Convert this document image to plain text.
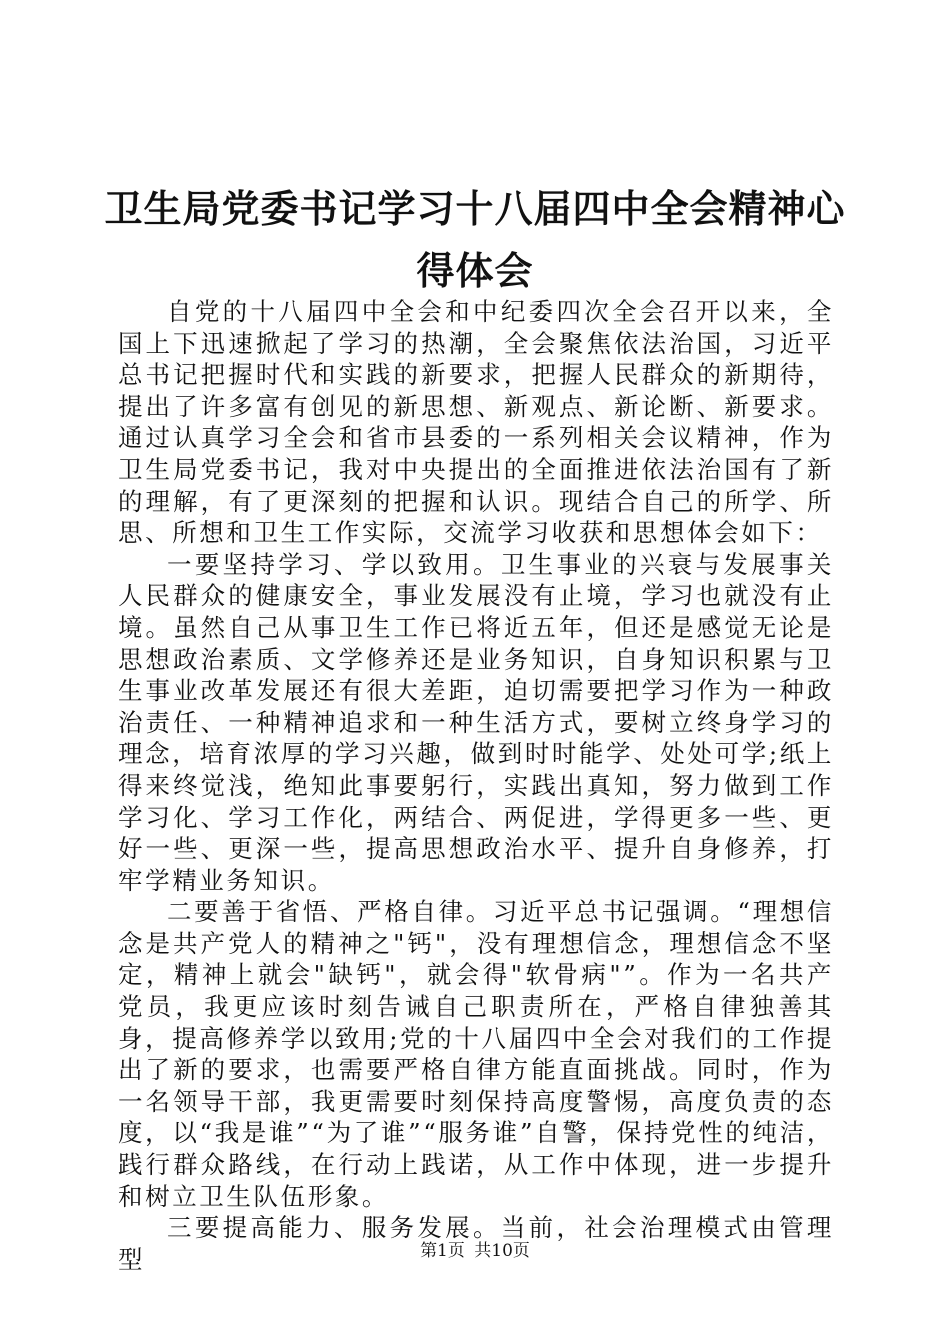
卫生局党委书记学习十八届四中全会精神心得体会

自党的十八届四中全会和中纪委四次全会召开以来，全国上下迅速掀起了学习的热潮，全会聚焦依法治国，习近平总书记把握时代和实践的新要求，把握人民群众的新期待，提出了许多富有创见的新思想、新观点、新论断、新要求。通过认真学习全会和省市县委的一系列相关会议精神，作为卫生局党委书记，我对中央提出的全面推进依法治国有了新的理解，有了更深刻的把握和认识。现结合自己的所学、所思、所想和卫生工作实际，交流学习收获和思想体会如下：

一要坚持学习、学以致用。卫生事业的兴衰与发展事关人民群众的健康安全，事业发展没有止境，学习也就没有止境。虽然自己从事卫生工作已将近五年，但还是感觉无论是思想政治素质、文学修养还是业务知识，自身知识积累与卫生事业改革发展还有很大差距，迫切需要把学习作为一种政治责任、一种精神追求和一种生活方式，要树立终身学习的理念，培育浓厚的学习兴趣，做到时时能学、处处可学;纸上得来终觉浅，绝知此事要躬行，实践出真知，努力做到工作学习化、学习工作化，两结合、两促进，学得更多一些、更好一些、更深一些，提高思想政治水平、提升自身修养，打牢学精业务知识。

二要善于省悟、严格自律。习近平总书记强调。“理想信念是共产党人的精神之"钙"，没有理想信念，理想信念不坚定，精神上就会"缺钙"，就会得"软骨病"”。作为一名共产党员，我更应该时刻告诫自己职责所在，严格自律独善其身，提高修养学以致用;党的十八届四中全会对我们的工作提出了新的要求，也需要严格自律方能直面挑战。同时，作为一名领导干部，我更需要时刻保持高度警惕，高度负责的态度，以“我是谁”“为了谁”“服务谁”自警，保持党性的纯洁，践行群众路线，在行动上践诺，从工作中体现，进一步提升和树立卫生队伍形象。

三要提高能力、服务发展。当前，社会治理模式由管理型	第1页 共10页
